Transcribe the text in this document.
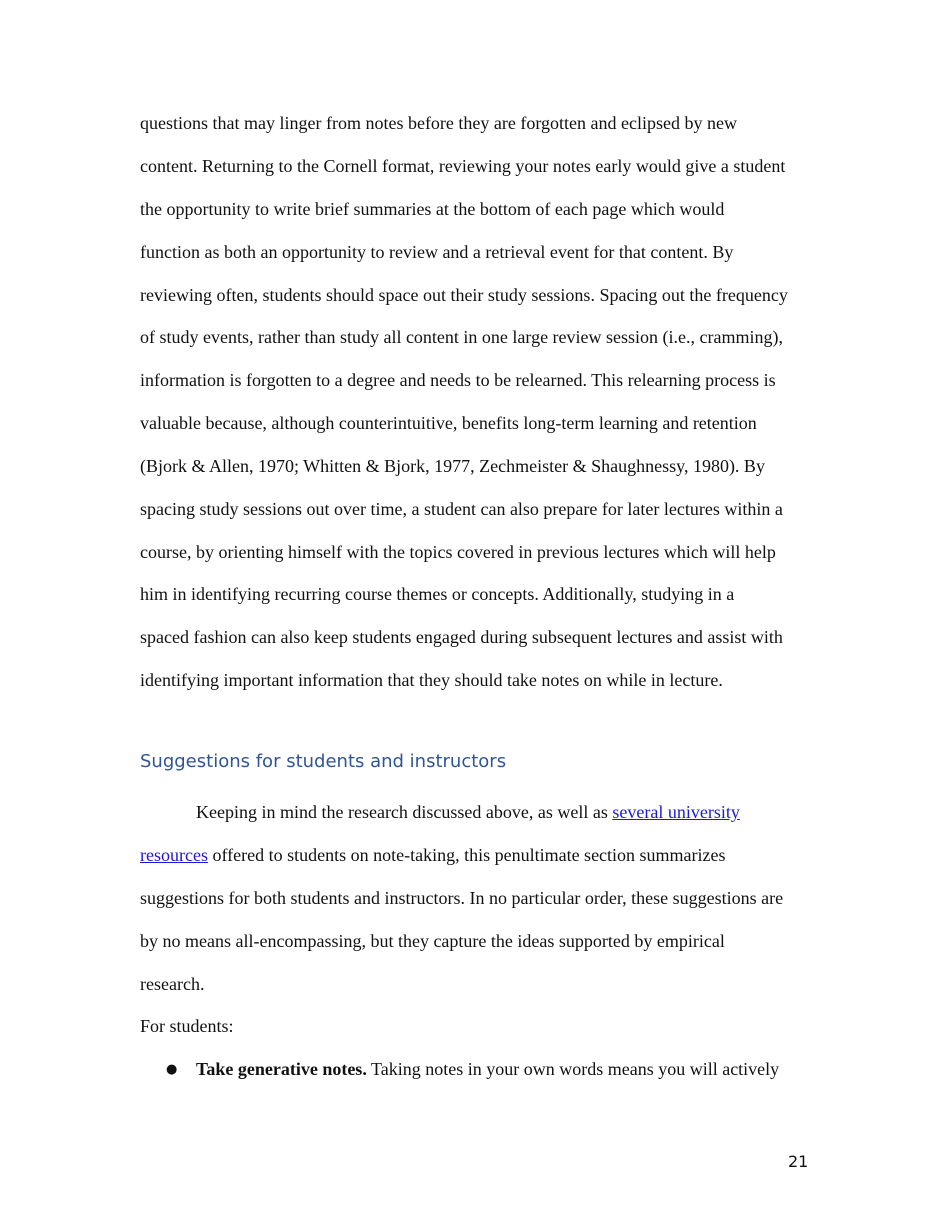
questions that may linger from notes before they are forgotten and eclipsed by new
content. Returning to the Cornell format, reviewing your notes early would give a student
the opportunity to write brief summaries at the bottom of each page which would
function as both an opportunity to review and a retrieval event for that content. By
reviewing often, students should space out their study sessions. Spacing out the frequency
of study events, rather than study all content in one large review session (i.e., cramming),
information is forgotten to a degree and needs to be relearned. This relearning process is
valuable because, although counterintuitive, benefits long-term learning and retention
(Bjork & Allen, 1970; Whitten & Bjork, 1977, Zechmeister & Shaughnessy, 1980). By
spacing study sessions out over time, a student can also prepare for later lectures within a
course, by orienting himself with the topics covered in previous lectures which will help
him in identifying recurring course themes or concepts. Additionally, studying in a
spaced fashion can also keep students engaged during subsequent lectures and assist with
identifying important information that they should take notes on while in lecture.
Suggestions for students and instructors
Keeping in mind the research discussed above, as well as several university
resources offered to students on note-taking, this penultimate section summarizes
suggestions for both students and instructors. In no particular order, these suggestions are
by no means all-encompassing, but they capture the ideas supported by empirical
research.
For students:
● Take generative notes. Taking notes in your own words means you will actively
21
